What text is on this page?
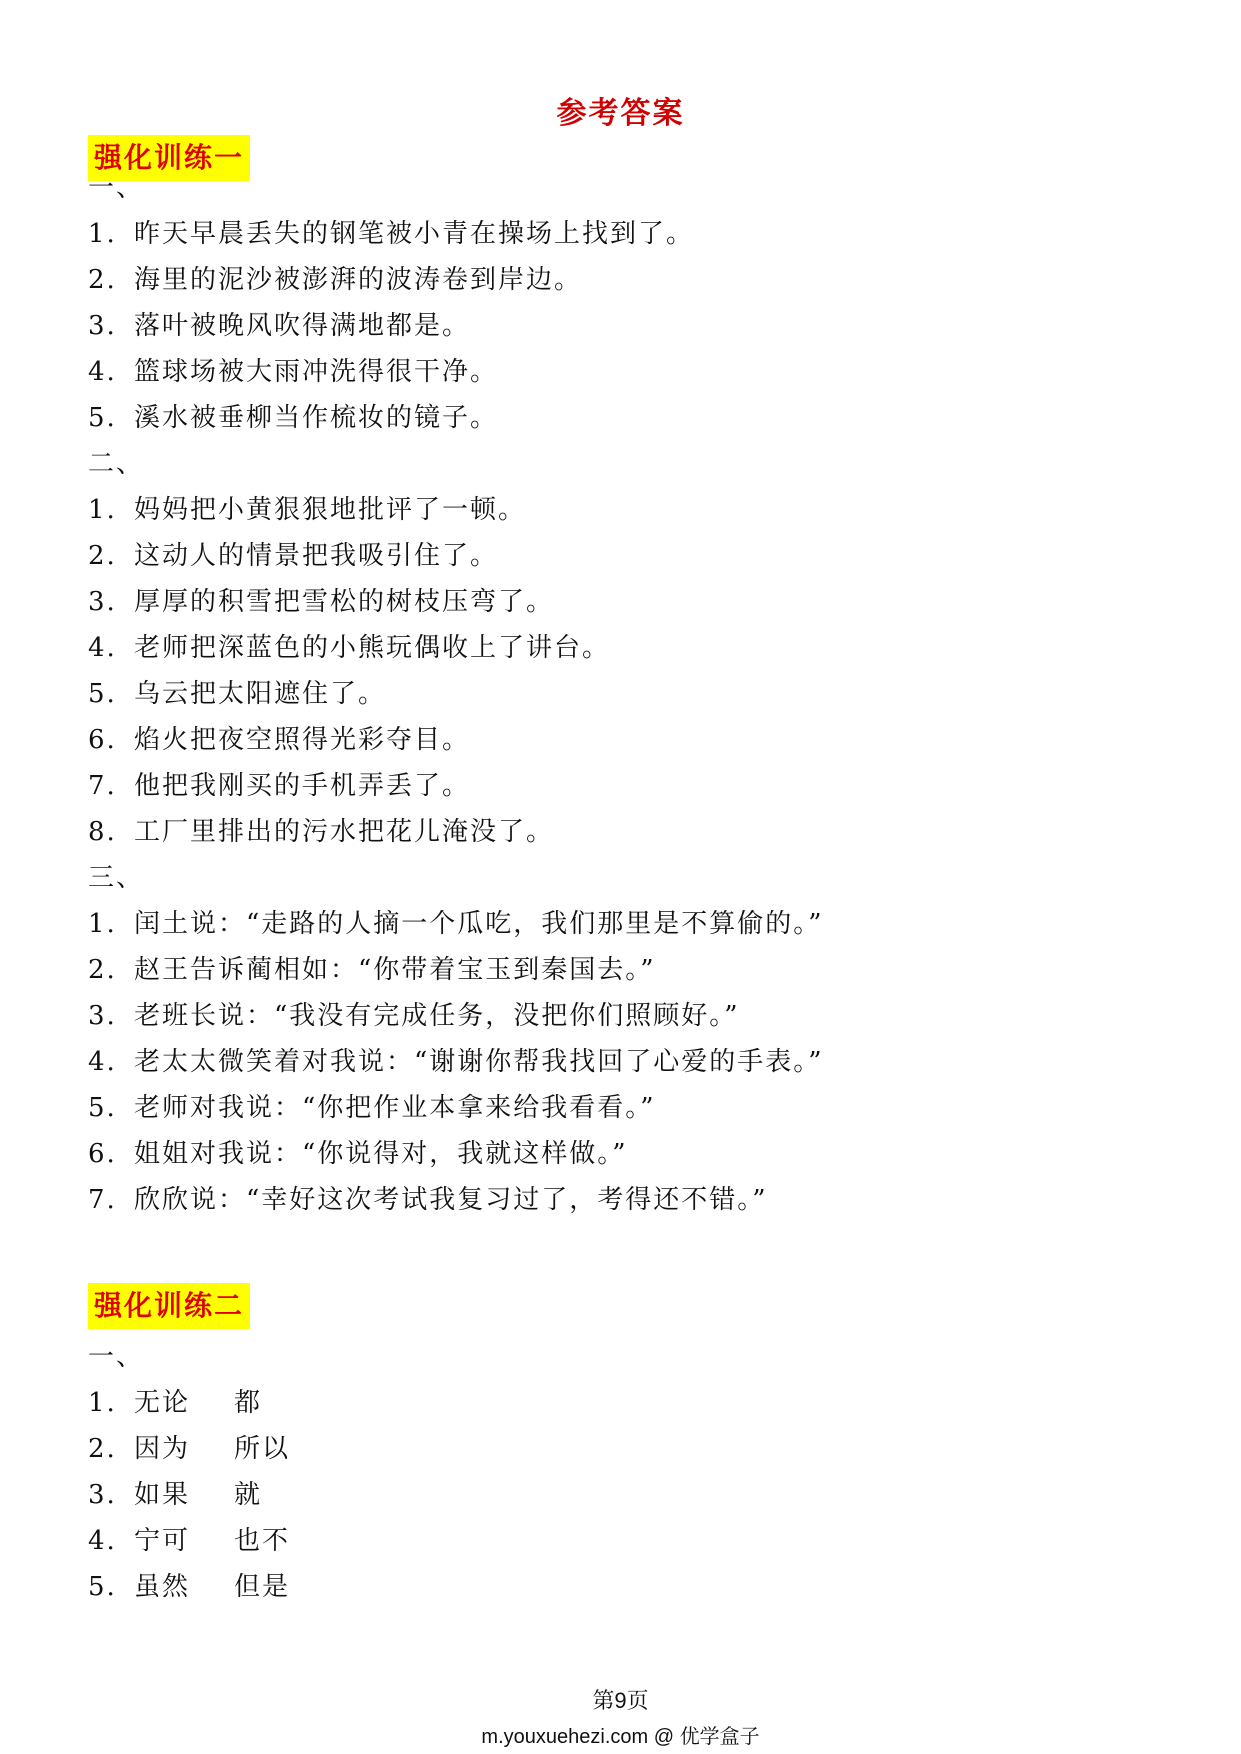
参考答案
强化训练一
一、
1. 昨天早晨丢失的钢笔被小青在操场上找到了。
2. 海里的泥沙被澎湃的波涛卷到岸边。
3. 落叶被晚风吹得满地都是。
4. 篮球场被大雨冲洗得很干净。
5. 溪水被垂柳当作梳妆的镜子。
二、
1. 妈妈把小黄狠狠地批评了一顿。
2. 这动人的情景把我吸引住了。
3. 厚厚的积雪把雪松的树枝压弯了。
4. 老师把深蓝色的小熊玩偶收上了讲台。
5. 乌云把太阳遮住了。
6. 焰火把夜空照得光彩夺目。
7. 他把我刚买的手机弄丢了。
8. 工厂里排出的污水把花儿淹没了。
三、
1. 闰土说：“走路的人摘一个瓜吃，我们那里是不算偷的。”
2. 赵王告诉蔺相如：“你带着宝玉到秦国去。”
3. 老班长说：“我没有完成任务，没把你们照顾好。”
4. 老太太微笑着对我说：“谢谢你帮我找回了心爱的手表。”
5. 老师对我说：“你把作业本拿来给我看看。”
6. 姐姐对我说：“你说得对，我就这样做。”
7. 欣欣说：“幸好这次考试我复习过了，考得还不错。”
强化训练二
一、
1. 无论 都
2. 因为 所以
3. 如果 就
4. 宁可 也不
5. 虽然 但是
第9页
m.youxuehezi.com @ 优学盒子
